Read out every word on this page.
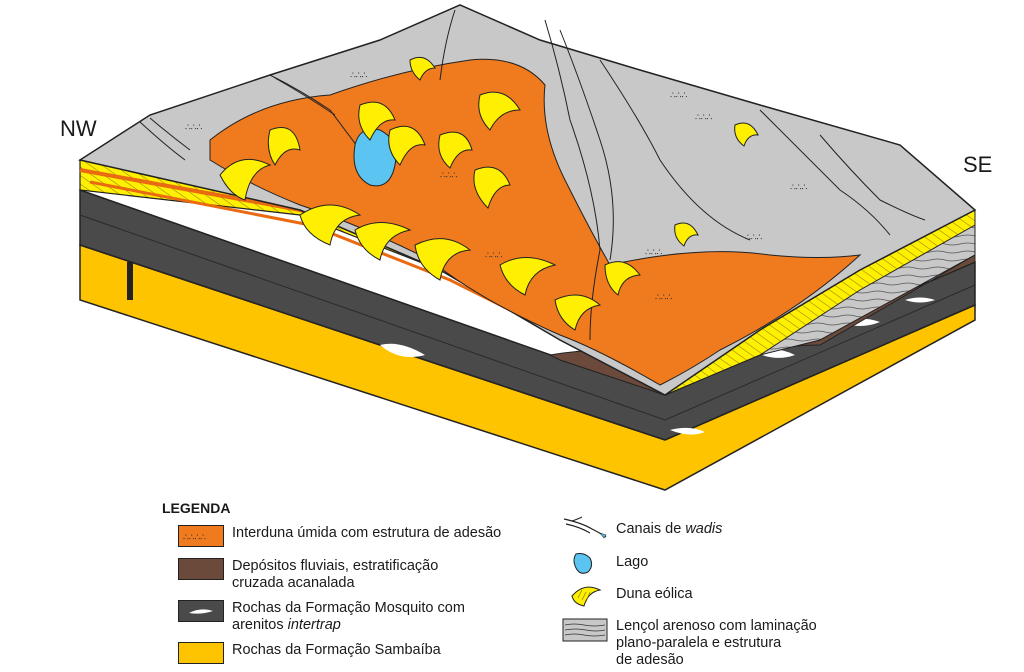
∴∴∴
∴∴∴
∴∴∴
∴∴∴
∴∴∴
∴∴∴
∴∴∴
∴∴∴
∴∴∴
∴∴∴
NW
SE
LEGENDA
∴∴∴∴ Interduna úmida com estrutura de adesão
Depósitos fluviais, estratificação
cruzada acanalada
Rochas da Formação Mosquito com
arenitos intertrap
Rochas da Formação Sambaíba
Canais de wadis
Lago
Duna eólica
Lençol arenoso com laminação
plano-paralela e estrutura
de adesão
